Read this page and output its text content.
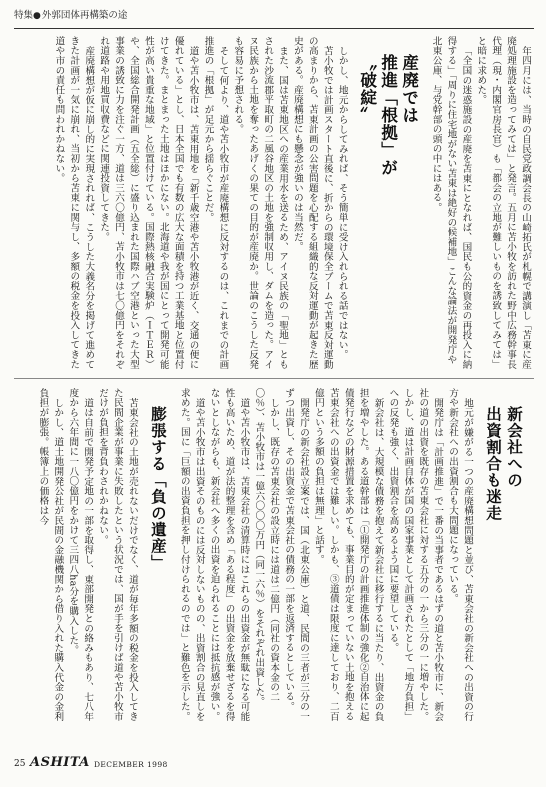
特集●外郭団体再構築の途

年四月には、当時の自民党政調会長の山崎拓氏が札幌で講演し「苫東に産廃処理施設を造ってみては」と発言。五月に苫小牧を訪れた野中広務幹事長代理（現・内閣官房長官）も「都会の立地が難しいものを誘致してみては」と暗に求めた。

「全国の迷惑施設の産廃を苫東にとなれば、国民も公的資金の再投入に納得する」「周りに住宅地がない苫東は絶好の候補地」こんな論法が開発庁や北東公庫、与党幹部の頭の中にはある。

産廃では
推進「根拠」が
〝破綻〟

しかし、地元からしてみれば、そう簡単に受け入れられる話ではない。

苫小牧では計画スタート直後に、折からの環境保全ブームで苫東反対運動の高まりから、苫東計画の公害問題を心配する組織的な反対運動が起きた歴史がある。産廃構想にも懸念が強いのは当然だ。

また、国は苫東地区への産業用水を送るため、アイヌ民族の「聖地」ともされた沙流郡平取町の二風谷地区の土地を強制収用し、ダムを造った。アイヌ民族から土地を奪ったあげくの果ての目的が産廃か。世論のこうした反発も容易に予想される。

そして何より、道や苫小牧市が産廃構想に反対するのは、これまでの計画推進の「根拠」が足元から揺らぐことだ。

道や苫小牧市は、苫東用地を「新千歳空港や苫小牧港が近く、交通の便に優れている」とし、日本全国でも有数の広大な面積を持つ工業基地と位置付けてきた。まとまった土地はほかにない。北海道や我が国にとって開発可能性が高い貴重な地域」と位置付けている。国際熱核融合実験炉（ＩＴＥＲ）や、全国総合開発計画（五全総）に盛り込まれた国際ハブ空港といった大型事業の誘致に力を注ぐ一方、道は三六〇億円、苫小牧市は七〇億円をそれぞれ道路や用地買収費などに関連投資してきた。

産廃構想が仮に崩し的に実現されれば、こうした大義名分を掲げて進めてきた計画が一気に崩れ、当初から苫東に関与し、多額の税金を投入してきた道や市の責任も問われかねない。

新会社への
出資割合も迷走

地元が嫌がる一つの産廃構想問題と並び、苫東会社の新会社への出資の行方や新会社への出資割合も大問題になっている。

開発庁は「計画推進」で一番の当事者であるはずの道と苫小牧市に、新会社の道の出資を既存の苫東会社に対する五分の一から三分の一に増やした。しかし、道は計画自体が国の国家事業として計画されたとして「地方負担」への反発も強く、出資割合を高めるよう国に要望している。

新会社は、大規模な債務を抱えて新会社に移行するに当たり、出資金の負担を増やした。ある道幹部は「①開発庁の計画推進体制の強化②自治体に起債発行などの財源措置を求めても、事業目的が定まっていない土地を抱える苫東会社への出資金では難しい。しかも、③道債は限度に達しており、二百億円という多額の負担は無理」と話す。

開発庁の新会社設立案では、国（北東公庫）と道、民間の三者が三分の一ずつ出資し、その出資金で苫東会社の債務の一部を返済するとしている。

しかし、既存の苫東会社の設立時には道は二億円（同社の資本金の二〇％）、苫小牧市は一億六〇〇〇万円（同一六％）をそれぞれ出資した。

道や苫小牧市は、苫東会社の清算時にはこれらの出資金が無駄になる可能性も高いため、道が法的整理を含め「ある程度」の出資金を放棄せざるを得ないとしながらも、新会社へ多くの出資を迫られることには抵抗感が強い。

道や苫小牧市は出資そのものには反対しないものの、出資割合の見直しを求めた。国に「巨額の出資負担を押し付けられるのでは」と難色を示した。

膨張する「負の遺産」

苫東会社の土地が売れないだけでなく、道が毎年多額の税金を投入してきた民間企業が事業に失敗したという状況では、国が手を引けば道や苫小牧市だけが負担を背負わされかねない。

道は自前で開発予定地の一部を取得し、東部開発との絡みもあり、七八年度から六年間に一八〇億円をかけて三四八ha分を購入した。

しかし、道土地開発公社が民間の金融機関から借り入れた購入代金の金利負担が膨張。帳簿上の価格は今

25 ASHITA DECEMBER 1998
